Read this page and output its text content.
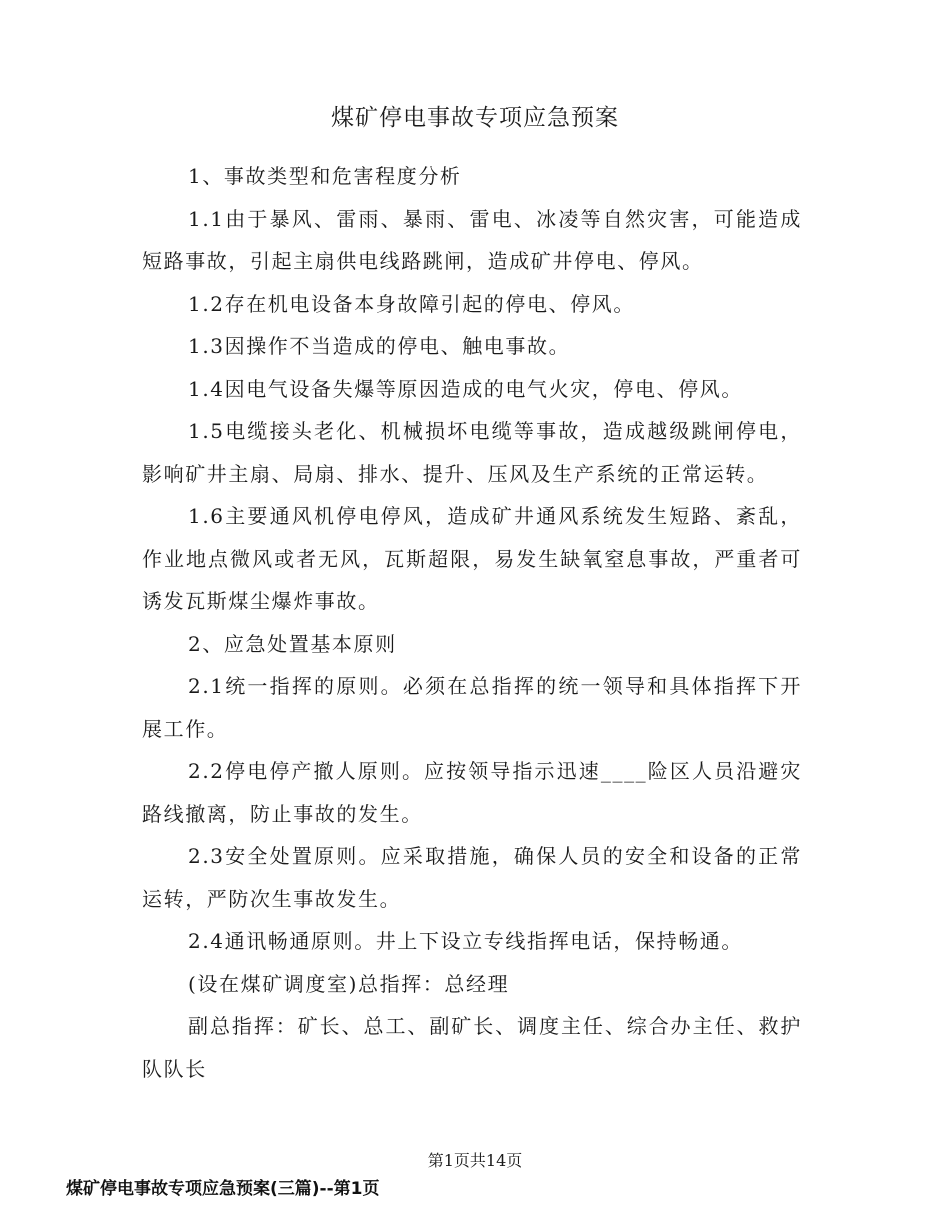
煤矿停电事故专项应急预案

1、事故类型和危害程度分析

1.1由于暴风、雷雨、暴雨、雷电、冰凌等自然灾害，可能造成短路事故，引起主扇供电线路跳闸，造成矿井停电、停风。

1.2存在机电设备本身故障引起的停电、停风。

1.3因操作不当造成的停电、触电事故。

1.4因电气设备失爆等原因造成的电气火灾，停电、停风。

1.5电缆接头老化、机械损坏电缆等事故，造成越级跳闸停电，影响矿井主扇、局扇、排水、提升、压风及生产系统的正常运转。

1.6主要通风机停电停风，造成矿井通风系统发生短路、紊乱，作业地点微风或者无风，瓦斯超限，易发生缺氧窒息事故，严重者可诱发瓦斯煤尘爆炸事故。

2、应急处置基本原则

2.1统一指挥的原则。必须在总指挥的统一领导和具体指挥下开展工作。

2.2停电停产撤人原则。应按领导指示迅速____险区人员沿避灾路线撤离，防止事故的发生。

2.3安全处置原则。应采取措施，确保人员的安全和设备的正常运转，严防次生事故发生。

2.4通讯畅通原则。井上下设立专线指挥电话，保持畅通。

(设在煤矿调度室)总指挥：总经理

副总指挥：矿长、总工、副矿长、调度主任、综合办主任、救护队队长

第1页共14页
煤矿停电事故专项应急预案(三篇)--第1页
